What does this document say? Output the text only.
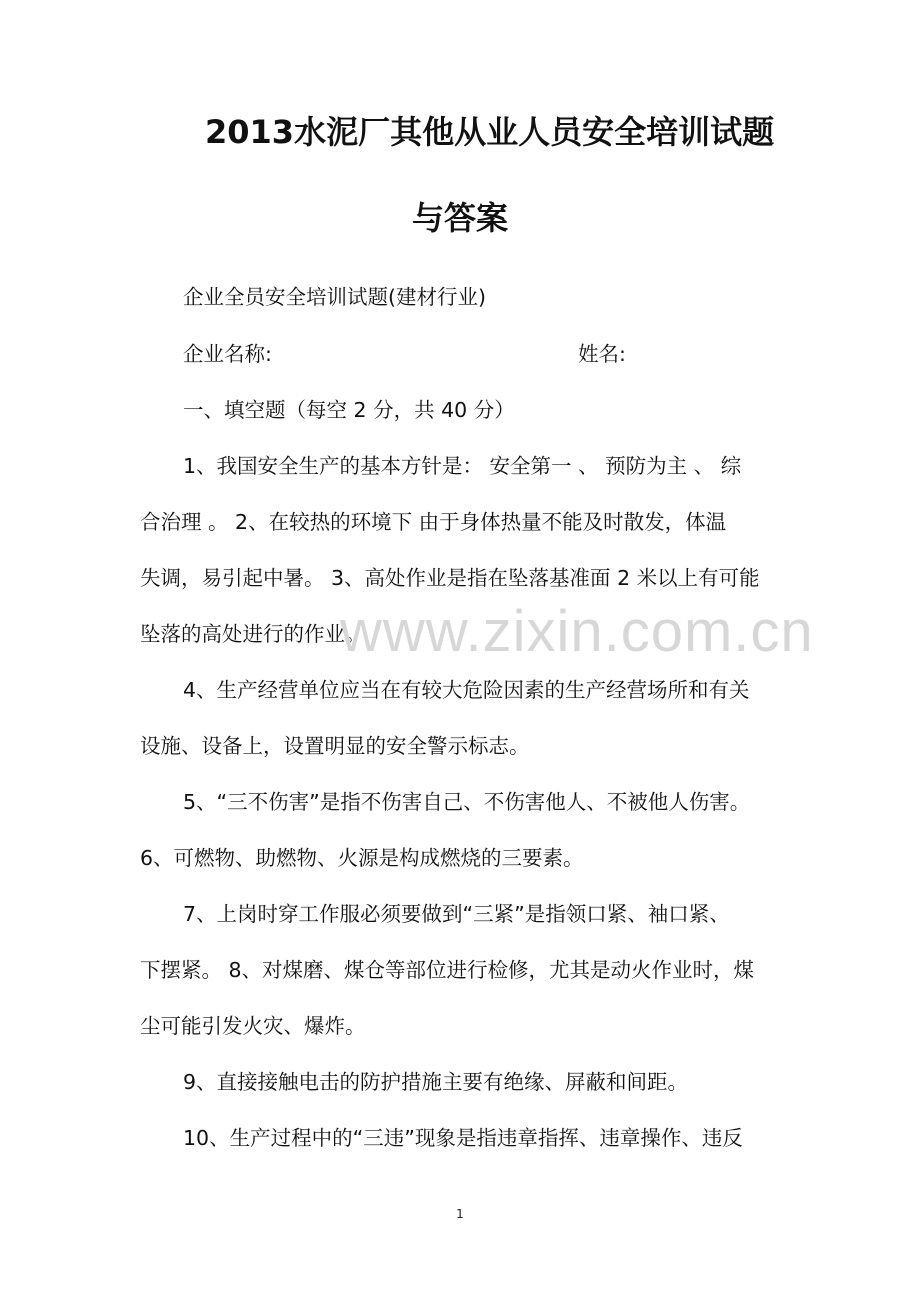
2013水泥厂其他从业人员安全培训试题
与答案
企业全员安全培训试题(建材行业)
企业名称:	姓名:
一、填空题（每空 2 分，共 40 分）
1、我国安全生产的基本方针是： 安全第一 、 预防为主 、 综
合治理 。 2、在较热的环境下 由于身体热量不能及时散发，体温
失调，易引起中暑。 3、高处作业是指在坠落基准面 2 米以上有可能
坠落的高处进行的作业。
4、生产经营单位应当在有较大危险因素的生产经营场所和有关
设施、设备上，设置明显的安全警示标志。
5、“三不伤害”是指不伤害自己、不伤害他人、不被他人伤害。
6、可燃物、助燃物、火源是构成燃烧的三要素。
7、上岗时穿工作服必须要做到“三紧”是指领口紧、袖口紧、
下摆紧。 8、对煤磨、煤仓等部位进行检修，尤其是动火作业时，煤
尘可能引发火灾、爆炸。
9、直接接触电击的防护措施主要有绝缘、屏蔽和间距。
10、生产过程中的“三违”现象是指违章指挥、违章操作、违反
www.zixin.com.cn
1
